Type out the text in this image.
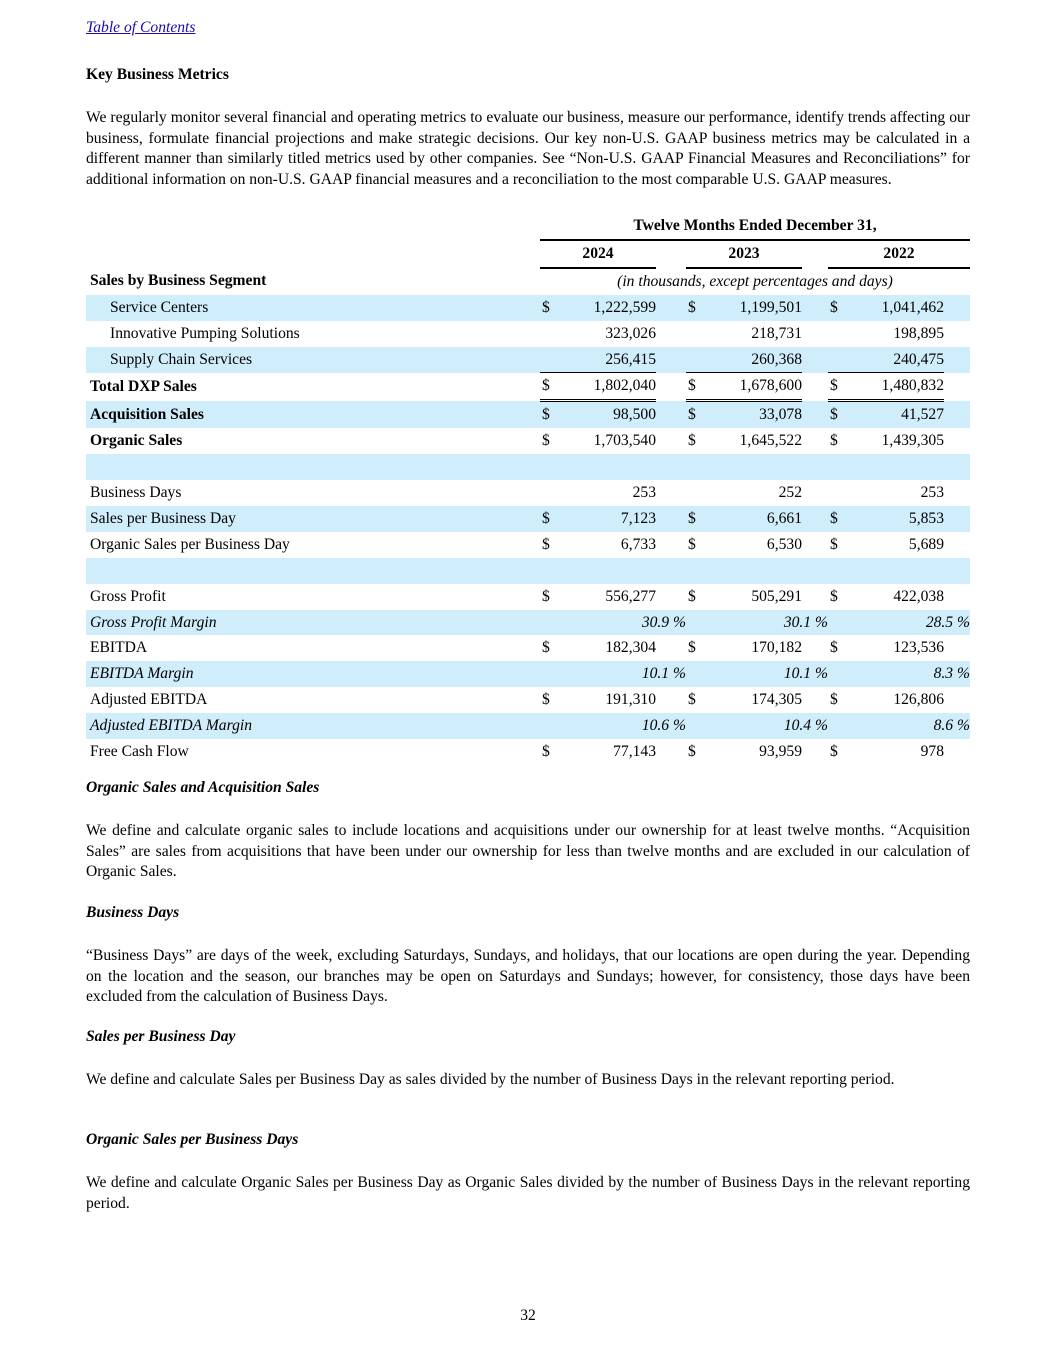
Table of Contents
Key Business Metrics

We regularly monitor several financial and operating metrics to evaluate our business, measure our performance, identify trends affecting our business, formulate financial projections and make strategic decisions. Our key non-U.S. GAAP business metrics may be calculated in a different manner than similarly titled metrics used by other companies. See “Non-U.S. GAAP Financial Measures and Reconciliations” for additional information on non-U.S. GAAP financial measures and a reconciliation to the most comparable U.S. GAAP measures.

	Twelve Months Ended December 31,									
	2024			2023			2022			
Sales by Business Segment	(in thousands, except percentages and days)									
Service Centers	$	1,222,599		$	1,199,501		$	1,041,462		
Innovative Pumping Solutions		323,026			218,731			198,895		
Supply Chain Services		256,415			260,368			240,475		
Total DXP Sales	$	1,802,040		$	1,678,600		$	1,480,832		
Acquisition Sales	$	98,500		$	33,078		$	41,527		
Organic Sales	$	1,703,540		$	1,645,522		$	1,439,305		

Business Days		253			252			253		
Sales per Business Day	$	7,123		$	6,661		$	5,853		
Organic Sales per Business Day	$	6,733		$	6,530		$	5,689		

Gross Profit	$	556,277		$	505,291		$	422,038		
Gross Profit Margin		30.9 %			30.1 %			28.5 %		
EBITDA	$	182,304		$	170,182		$	123,536		
EBITDA Margin		10.1 %			10.1 %			8.3 %		
Adjusted EBITDA	$	191,310		$	174,305		$	126,806		
Adjusted EBITDA Margin		10.6 %			10.4 %			8.6 %		
Free Cash Flow	$	77,143		$	93,959		$	978		
Organic Sales and Acquisition Sales

We define and calculate organic sales to include locations and acquisitions under our ownership for at least twelve months. “Acquisition Sales” are sales from acquisitions that have been under our ownership for less than twelve months and are excluded in our calculation of Organic Sales.

Business Days

“Business Days” are days of the week, excluding Saturdays, Sundays, and holidays, that our locations are open during the year. Depending on the location and the season, our branches may be open on Saturdays and Sundays; however, for consistency, those days have been excluded from the calculation of Business Days.

Sales per Business Day

We define and calculate Sales per Business Day as sales divided by the number of Business Days in the relevant reporting period.

Organic Sales per Business Days

We define and calculate Organic Sales per Business Day as Organic Sales divided by the number of Business Days in the relevant reporting period.

32
